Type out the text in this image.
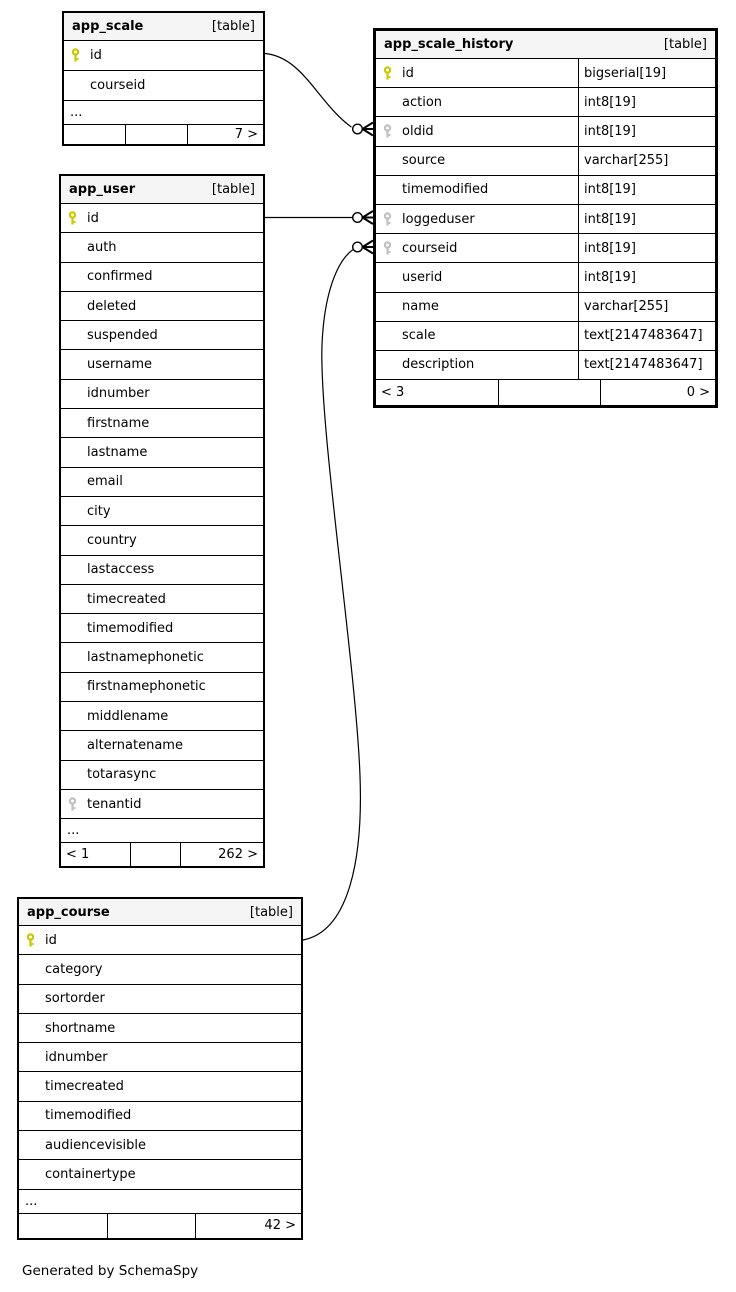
app_scale	[table]
id
courseid
...
7 >
app_scale_history	[table]
id	bigserial[19]
action	int8[19]
oldid	int8[19]
source	varchar[255]
timemodified	int8[19]
loggeduser	int8[19]
courseid	int8[19]
userid	int8[19]
name	varchar[255]
scale	text[2147483647]
description	text[2147483647]
< 3	0 >
app_user	[table]
id
auth
confirmed
deleted
suspended
username
idnumber
firstname
lastname
email
city
country
lastaccess
timecreated
timemodified
lastnamephonetic
firstnamephonetic
middlename
alternatename
totarasync
tenantid
...
< 1	262 >
app_course	[table]
id
category
sortorder
shortname
idnumber
timecreated
timemodified
audiencevisible
containertype
...
42 >
Generated by SchemaSpy
